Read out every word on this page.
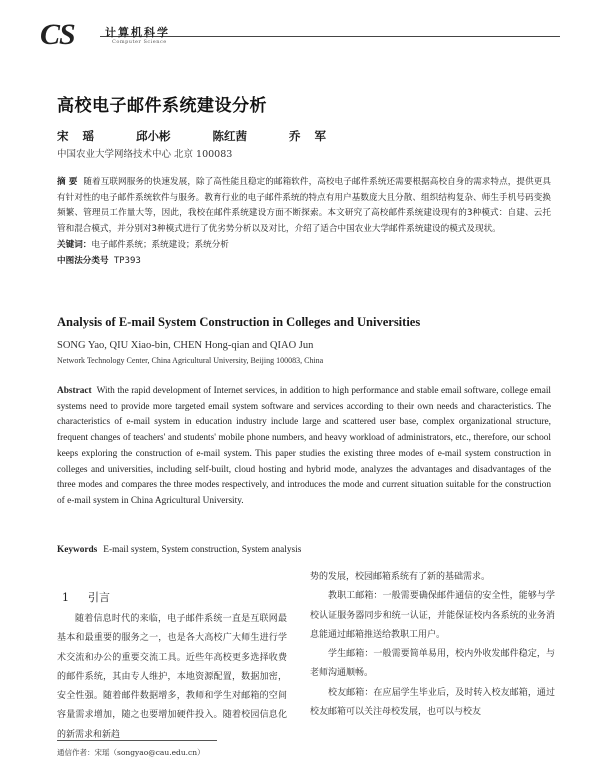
CS	计算机科学
Computer Science
高校电子邮件系统建设分析
宋 瑶   邱小彬   陈红茜   乔 军
中国农业大学网络技术中心 北京 100083

摘 要 随着互联网服务的快速发展，除了高性能且稳定的邮箱软件，高校电子邮件系统还需要根据高校自身的需求特点，提供更具有针对性的电子邮件系统软件与服务。教育行业的电子邮件系统的特点有用户基数庞大且分散、组织结构复杂、师生手机号码变换频繁、管理员工作量大等，因此，我校在邮件系统建设方面不断探索。本文研究了高校邮件系统建设现有的3种模式：自建、云托管和混合模式，并分别对3种模式进行了优劣势分析以及对比，介绍了适合中国农业大学邮件系统建设的模式及现状。

关键词：电子邮件系统；系统建设；系统分析

中图法分类号 TP393

Analysis of E-mail System Construction in Colleges and Universities
SONG Yao, QIU Xiao-bin, CHEN Hong-qian and QIAO Jun
Network Technology Center, China Agricultural University, Beijing 100083, China

Abstract With the rapid development of Internet services, in addition to high performance and stable email software, college email systems need to provide more targeted email system software and services according to their own needs and characteristics. The characteristics of e-mail system in education industry include large and scattered user base, complex organizational structure, frequent changes of teachers' and students' mobile phone numbers, and heavy workload of administrators, etc., therefore, our school keeps exploring the construction of e-mail system. This paper studies the existing three modes of e-mail system construction in colleges and universities, including self-built, cloud hosting and hybrid mode, analyzes the advantages and disadvantages of the three modes and compares the three modes respectively, and introduces the mode and current situation suitable for the construction of e-mail system in China Agricultural University.

Keywords E-mail system, System construction, System analysis

1  引言

随着信息时代的来临，电子邮件系统一直是互联网最基本和最重要的服务之一，也是各大高校广大师生进行学术交流和办公的重要交流工具。近些年高校更多选择收费的邮件系统，其由专人维护，本地资源配置，数据加密，安全性强。随着邮件数据增多，教师和学生对邮箱的空间容量需求增加，随之也要增加硬件投入。随着校园信息化的新需求和新趋

势的发展，校园邮箱系统有了新的基础需求。

教职工邮箱：一般需要确保邮件通信的安全性，能够与学校认证服务器同步和统一认证，并能保证校内各系统的业务消息能通过邮箱推送给教职工用户。

学生邮箱：一般需要简单易用，校内外收发邮件稳定，与老师沟通顺畅。

校友邮箱：在应届学生毕业后，及时转入校友邮箱，通过校友邮箱可以关注母校发展，也可以与校友

通信作者：宋瑶（songyao@cau.edu.cn）
